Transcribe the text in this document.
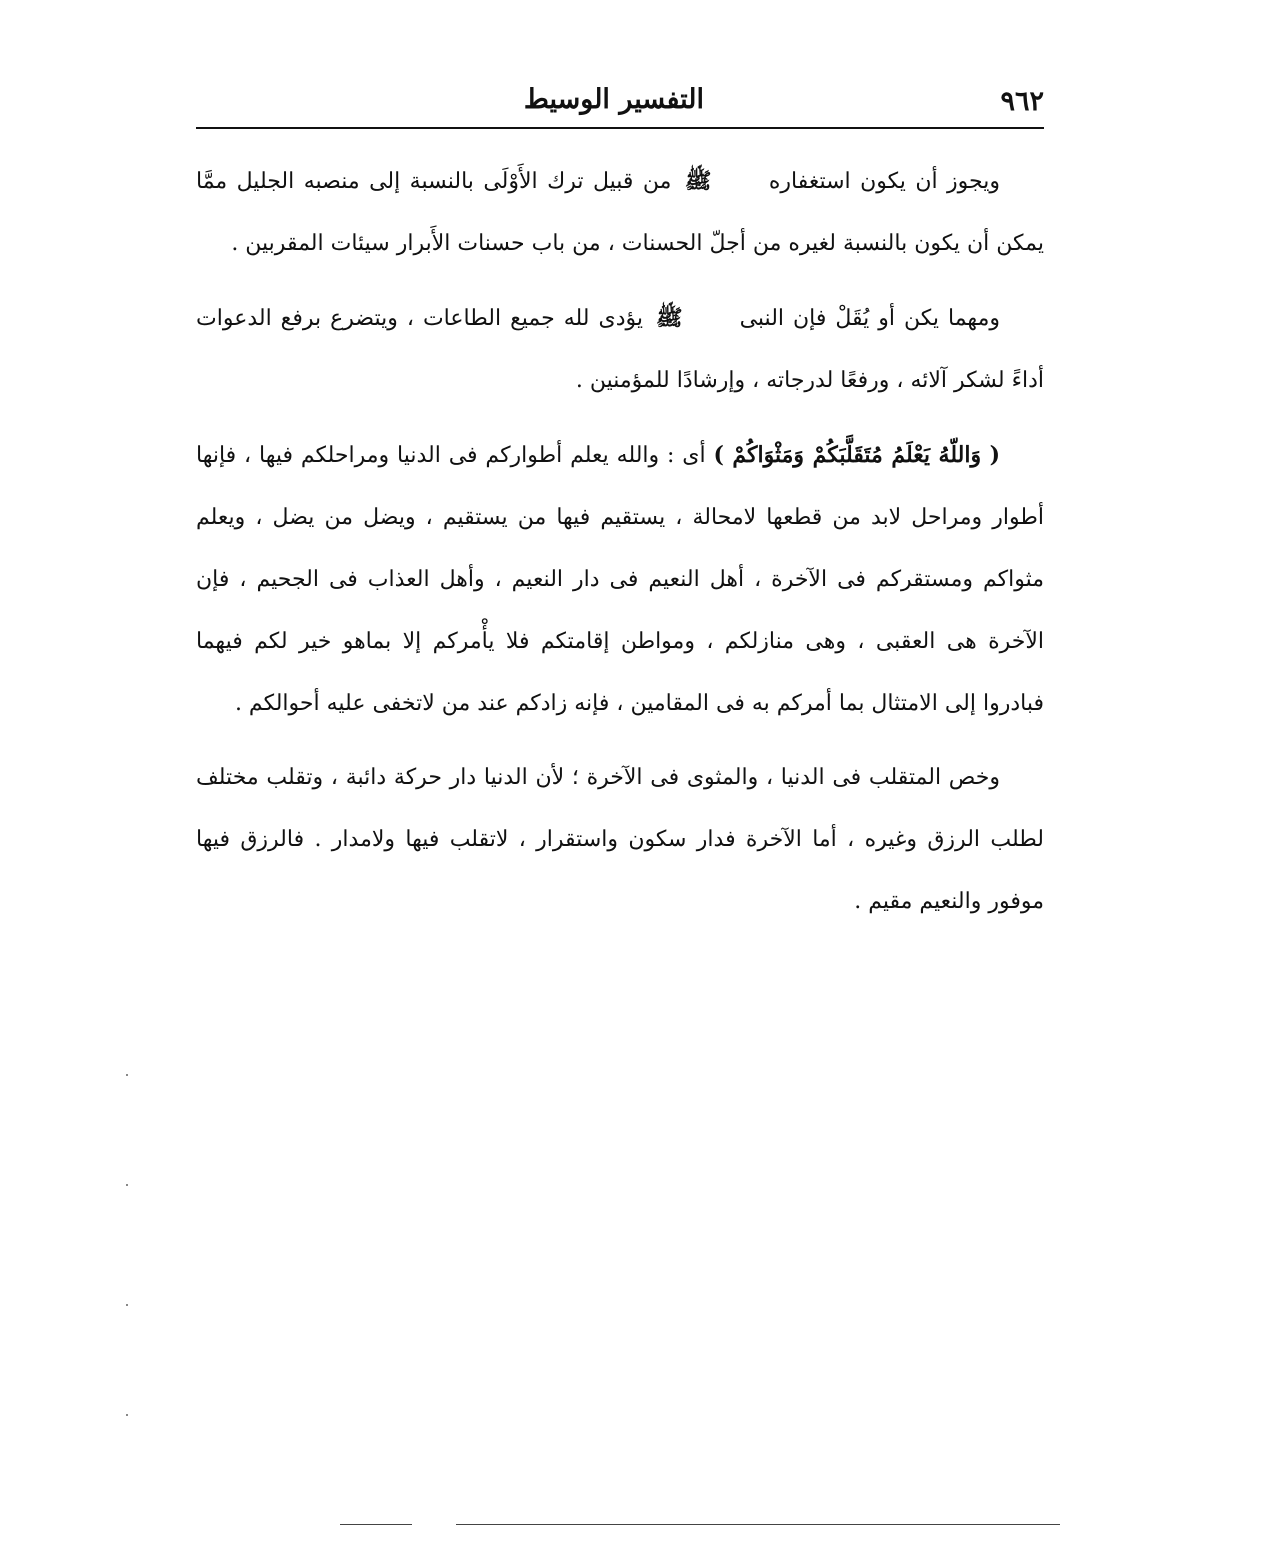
٩٦٢
التفسير الوسيط

ويجوز أن يكون استغفاره ﷺ من قبيل ترك الأَوْلَى بالنسبة إلى منصبه الجليل ممَّا يمكن أن يكون بالنسبة لغيره من أجلّ الحسنات ، من باب حسنات الأَبرار سيئات المقربين .

ومهما يكن أو يُقَلْ فإن النبى ﷺ يؤدى لله جميع الطاعات ، ويتضرع برفع الدعوات أداءً لشكر آلائه ، ورفعًا لدرجاته ، وإرشادًا للمؤمنين .

( وَاللّهُ يَعْلَمُ مُتَقَلَّبَكُمْ وَمَثْوَاكُمْ ) أى : والله يعلم أطواركم فى الدنيا ومراحلكم فيها ، فإنها أطوار ومراحل لابد من قطعها لامحالة ، يستقيم فيها من يستقيم ، ويضل من يضل ، ويعلم مثواكم ومستقركم فى الآخرة ، أهل النعيم فى دار النعيم ، وأهل العذاب فى الجحيم ، فإن الآخرة هى العقبى ، وهى منازلكم ، ومواطن إقامتكم فلا يأْمركم إلا بماهو خير لكم فيهما فبادروا إلى الامتثال بما أمركم به فى المقامين ، فإنه زادكم عند من لاتخفى عليه أحوالكم .

وخص المتقلب فى الدنيا ، والمثوى فى الآخرة ؛ لأن الدنيا دار حركة دائبة ، وتقلب مختلف لطلب الرزق وغيره ، أما الآخرة فدار سكون واستقرار ، لاتقلب فيها ولامدار . فالرزق فيها موفور والنعيم مقيم .
